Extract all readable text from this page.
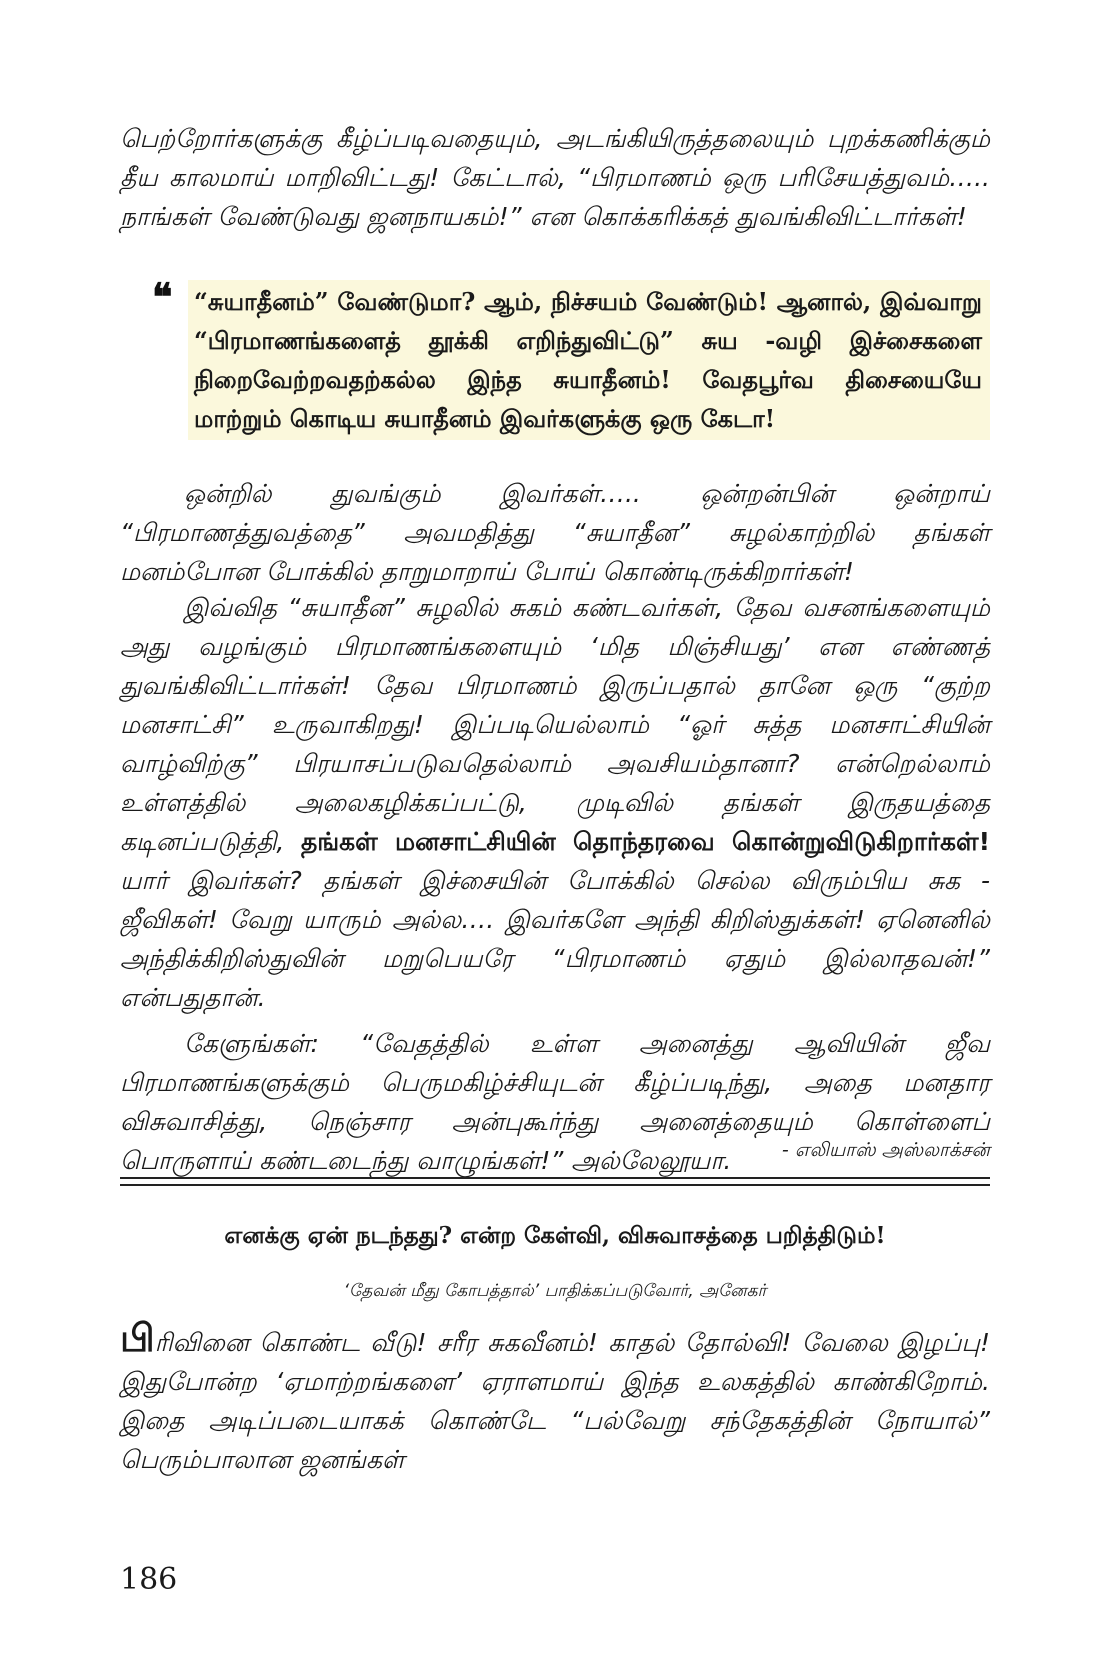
பெற்றோர்களுக்கு கீழ்ப்படிவதையும், அடங்கியிருத்தலையும் புறக்கணிக்கும் தீய காலமாய் மாறிவிட்டது! கேட்டால், “பிரமாணம் ஒரு பரிசேயத்துவம்….. நாங்கள் வேண்டுவது ஜனநாயகம்!” என கொக்கரிக்கத் துவங்கிவிட்டார்கள்!

❝ “சுயாதீனம்” வேண்டுமா? ஆம், நிச்சயம் வேண்டும்! ஆனால், இவ்வாறு “பிரமாணங்களைத் தூக்கி எறிந்துவிட்டு” சுய -வழி இச்சைகளை நிறைவேற்றவதற்கல்ல இந்த சுயாதீனம்! வேதபூர்வ திசையையே மாற்றும் கொடிய சுயாதீனம் இவர்களுக்கு ஒரு கேடா!

ஒன்றில் துவங்கும் இவர்கள்….. ஒன்றன்பின் ஒன்றாய் “பிரமாணத்துவத்தை” அவமதித்து “சுயாதீன” சுழல்காற்றில் தங்கள் மனம்போன போக்கில் தாறுமாறாய் போய் கொண்டிருக்கிறார்கள்!

இவ்வித “சுயாதீன” சுழலில் சுகம் கண்டவர்கள், தேவ வசனங்களையும் அது வழங்கும் பிரமாணங்களையும் ‘மித மிஞ்சியது’ என எண்ணத் துவங்கிவிட்டார்கள்! தேவ பிரமாணம் இருப்பதால் தானே ஒரு “குற்ற மனசாட்சி” உருவாகிறது! இப்படியெல்லாம் “ஓர் சுத்த மனசாட்சியின் வாழ்விற்கு” பிரயாசப்படுவதெல்லாம் அவசியம்தானா? என்றெல்லாம் உள்ளத்தில் அலைகழிக்கப்பட்டு, முடிவில் தங்கள் இருதயத்தை கடினப்படுத்தி, தங்கள் மனசாட்சியின் தொந்தரவை கொன்றுவிடுகிறார்கள்! யார் இவர்கள்? தங்கள் இச்சையின் போக்கில் செல்ல விரும்பிய சுக - ஜீவிகள்! வேறு யாரும் அல்ல…. இவர்களே அந்தி கிறிஸ்துக்கள்! ஏனெனில் அந்திக்கிறிஸ்துவின் மறுபெயரே “பிரமாணம் ஏதும் இல்லாதவன்!” என்பதுதான்.

கேளுங்கள்: “வேதத்தில் உள்ள அனைத்து ஆவியின் ஜீவ பிரமாணங்களுக்கும் பெருமகிழ்ச்சியுடன் கீழ்ப்படிந்து, அதை மனதார விசுவாசித்து, நெஞ்சார அன்புகூர்ந்து அனைத்தையும் கொள்ளைப் பொருளாய் கண்டடைந்து வாழுங்கள்!” அல்லேலூயா.	- எலியாஸ் அஸ்லாக்சன்
எனக்கு ஏன் நடந்தது? என்ற கேள்வி, விசுவாசத்தை பறித்திடும்!
‘தேவன் மீது கோபத்தால்’ பாதிக்கப்படுவோர், அனேகர்

பிரிவினை கொண்ட வீடு! சரீர சுகவீனம்! காதல் தோல்வி! வேலை இழப்பு! இதுபோன்ற ‘ஏமாற்றங்களை’ ஏராளமாய் இந்த உலகத்தில் காண்கிறோம். இதை அடிப்படையாகக் கொண்டே “பல்வேறு சந்தேகத்தின் நோயால்” பெரும்பாலான ஜனங்கள்

186
